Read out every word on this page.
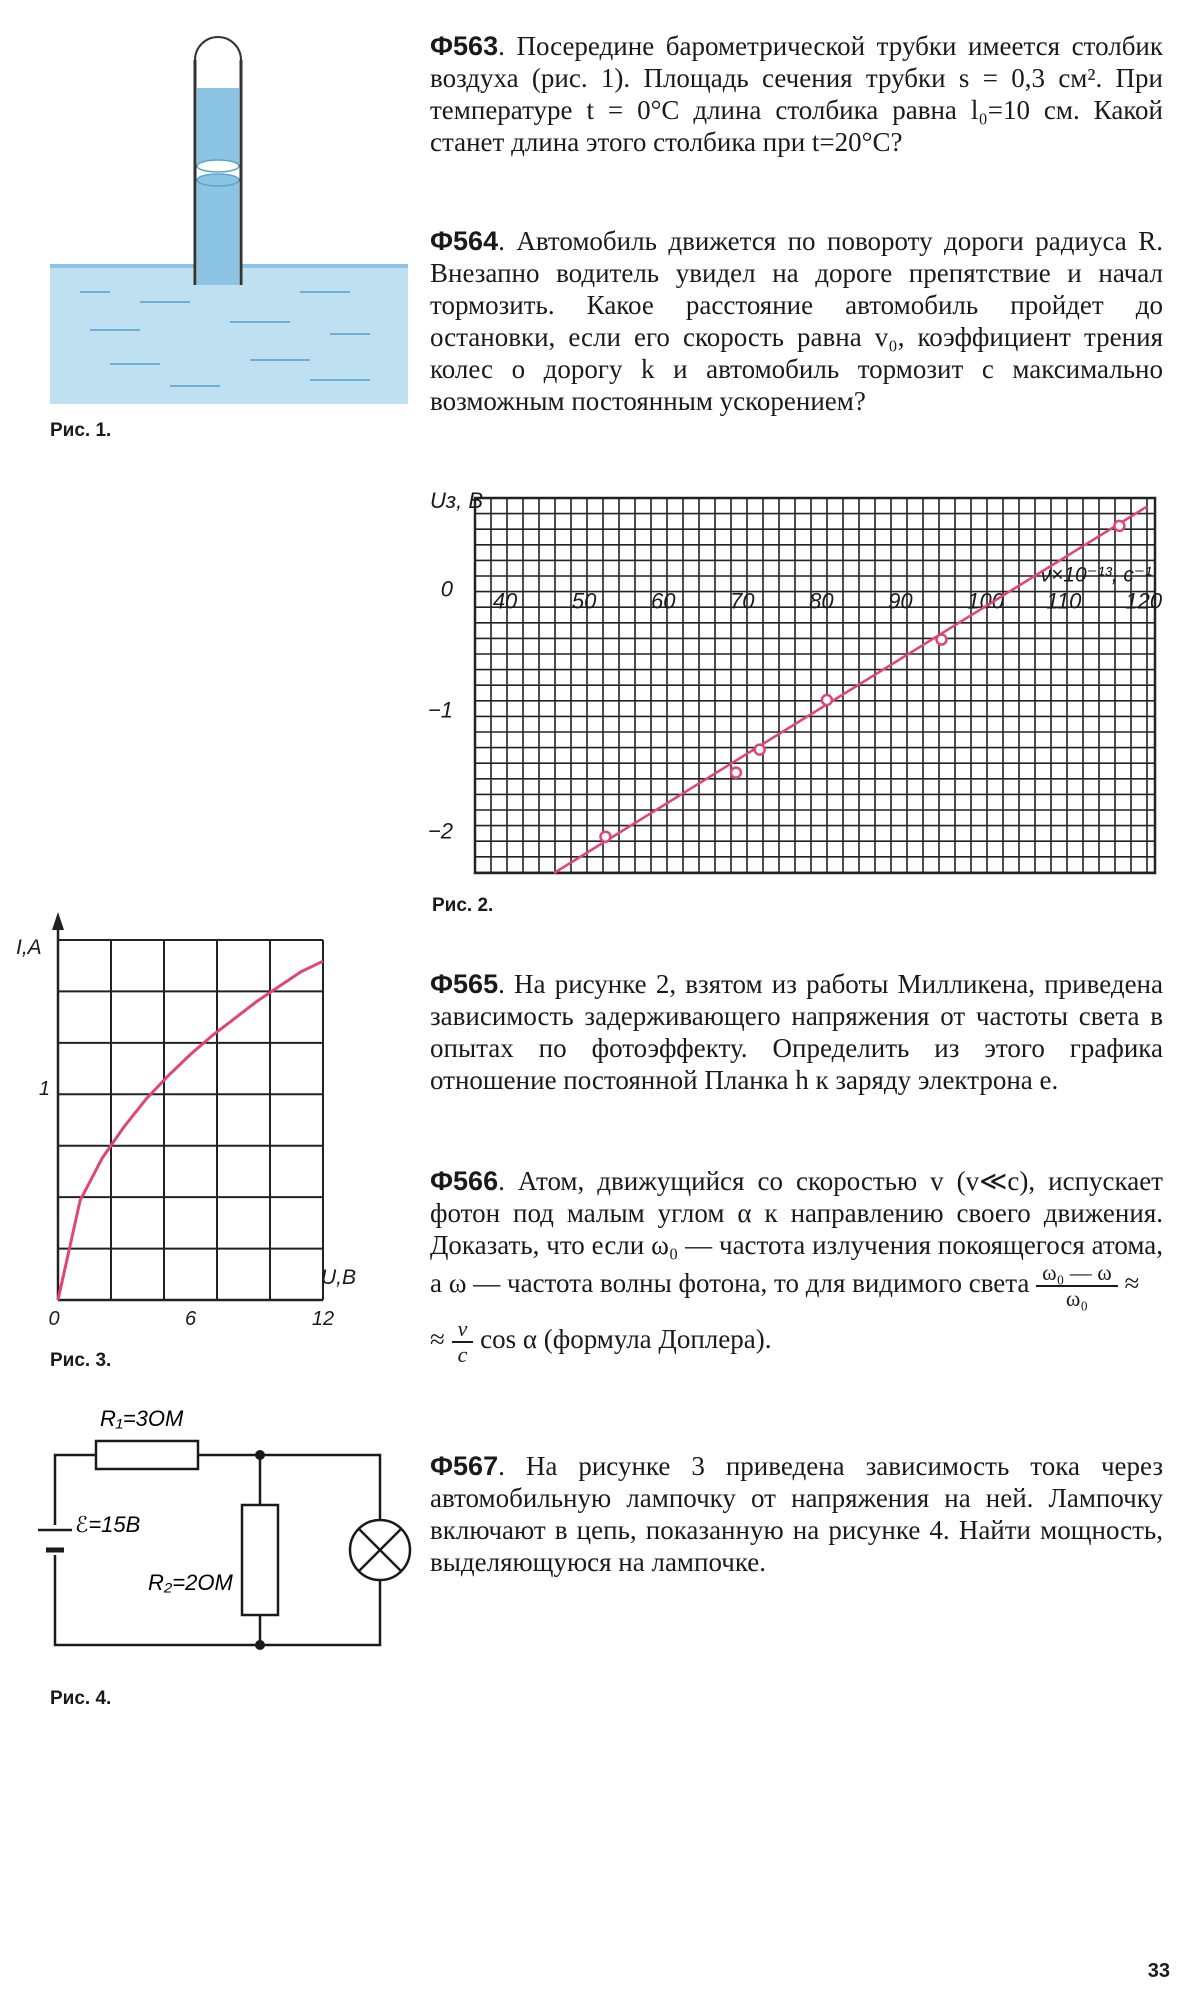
Рис. 1.
Ф563. Посередине барометрической трубки имеется столбик воздуха (рис. 1). Площадь сечения трубки s = 0,3 см². При температуре t = 0°С длина столбика равна l₀=10 см. Какой станет длина этого столбика при t=20°С?
Ф564. Автомобиль движется по повороту дороги радиуса R. Внезапно водитель увидел на дороге препятствие и начал тормозить. Какое расстояние автомобиль пройдет до остановки, если его скорость равна v₀, коэффициент трения колес о дорогу k и автомобиль тормозит с максимально возможным постоянным ускорением?
40 50 60 70 80 90 100 110 120
0
−1
−2
Uз, В
ν×10⁻¹³, с⁻¹
Рис. 2.
Ф565. На рисунке 2, взятом из работы Милликена, приведена зависимость задерживающего напряжения от частоты света в опытах по фотоэффекту. Определить из этого графика отношение постоянной Планка h к заряду электрона e.
Ф566. Атом, движущийся со скоростью v (v≪c), испускает фотон под малым углом α к направлению своего движения. Доказать, что если ω₀ — частота излучения покоящегося атома, а ω — частота волны фотона, то для видимого света $\frac{\text{ω₀ — ω}}{\text{ω₀}}$ ≈
≈ $\frac{v}{c}$ cos α (формула Доплера).
Ф567. На рисунке 3 приведена зависимость тока через автомобильную лампочку от напряжения на ней. Лампочку включают в цепь, показанную на рисунке 4. Найти мощность, выделяющуюся на лампочке.
0	6	12
1
I,А
U,В
Рис. 3.
R₁=3ОМ
ℰ=15В
R₂=2ОМ
Рис. 4.
33
